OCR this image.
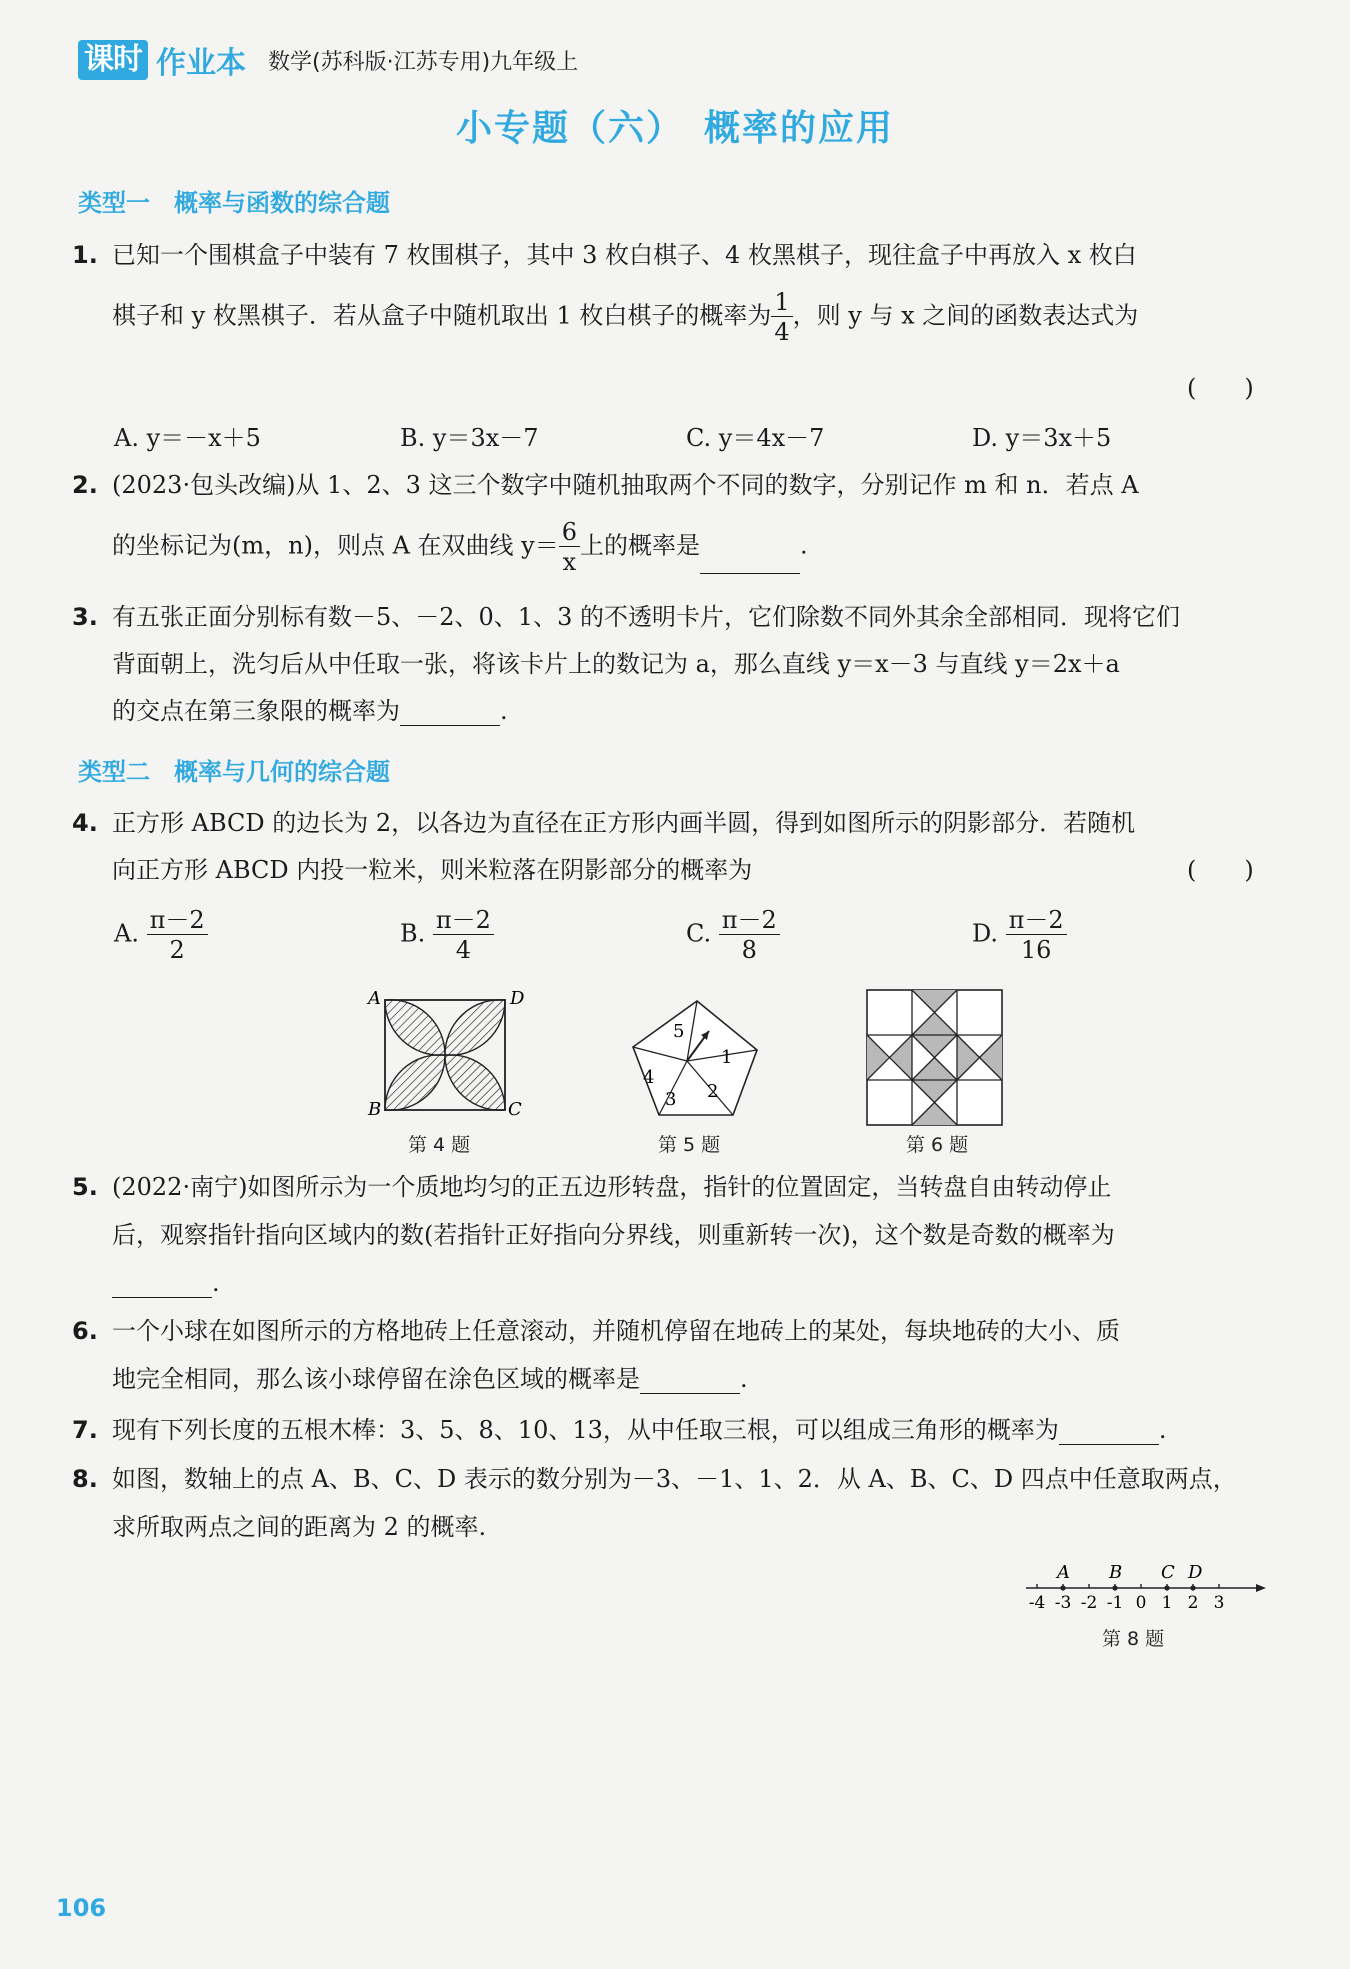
课时 作业本 数学(苏科版·江苏专用)九年级上
小专题（六）　概率的应用
类型一　概率与函数的综合题
1. 已知一个围棋盒子中装有 7 枚围棋子，其中 3 枚白棋子、4 枚黑棋子，现往盒子中再放入 x 枚白
棋子和 y 枚黑棋子．若从盒子中随机取出 1 枚白棋子的概率为 $\frac{1}{4}$ ，则 y 与 x 之间的函数表达式为
(　　)
A. y＝－x＋5	B. y＝3x－7	C. y＝4x－7	D. y＝3x＋5
2. (2023·包头改编)从 1、2、3 这三个数字中随机抽取两个不同的数字，分别记作 m 和 n．若点 A
的坐标记为(m，n)，则点 A 在双曲线 $y= \frac{6}{x}$ 上的概率是	.
3. 有五张正面分别标有数－5、－2、0、1、3 的不透明卡片，它们除数不同外其余全部相同．现将它们
背面朝上，洗匀后从中任取一张，将该卡片上的数记为 a，那么直线 y＝x－3 与直线 y＝2x＋a
的交点在第三象限的概率为	.
类型二　概率与几何的综合题
4. 正方形 ABCD 的边长为 2，以各边为直径在正方形内画半圆，得到如图所示的阴影部分．若随机
向正方形 ABCD 内投一粒米，则米粒落在阴影部分的概率为	(　　)
A. $\frac{\pi-2}{2}$	B. $\frac{\pi-2}{4}$	C. $\frac{\pi-2}{8}$	D. $\frac{\pi-2}{16}$
A	D
B	C
第 4 题
5
1
4
3 2
第 5 题	第 6 题
5. (2022·南宁)如图所示为一个质地均匀的正五边形转盘，指针的位置固定，当转盘自由转动停止
后，观察指针指向区域内的数(若指针正好指向分界线，则重新转一次)，这个数是奇数的概率为
.
6. 一个小球在如图所示的方格地砖上任意滚动，并随机停留在地砖上的某处，每块地砖的大小、质
地完全相同，那么该小球停留在涂色区域的概率是	.
7. 现有下列长度的五根木棒：3、5、8、10、13，从中任取三根，可以组成三角形的概率为	.
8. 如图，数轴上的点 A、B、C、D 表示的数分别为－3、－1、1、2．从 A、B、C、D 四点中任意取两点，
求所取两点之间的距离为 2 的概率.
A B C D
-4 -3 -2 -1 0 1 2 3
第 8 题
106
